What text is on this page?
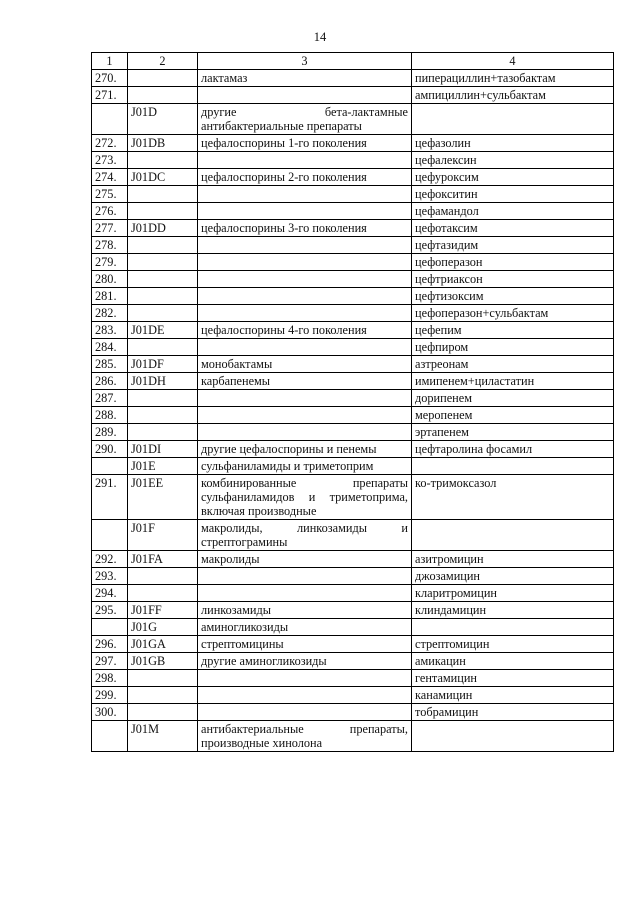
14
1	2	3	4
270.		лактамаз	пиперациллин+тазобактам
271.			ампициллин+сульбактам
	J01D	другие бета-лактамные антибактериальные препараты	
272.	J01DB	цефалоспорины 1-го поколения	цефазолин
273.			цефалексин
274.	J01DC	цефалоспорины 2-го поколения	цефуроксим
275.			цефокситин
276.			цефамандол
277.	J01DD	цефалоспорины 3-го поколения	цефотаксим
278.			цефтазидим
279.			цефоперазон
280.			цефтриаксон
281.			цефтизоксим
282.			цефоперазон+сульбактам
283.	J01DE	цефалоспорины 4-го поколения	цефепим
284.			цефпиром
285.	J01DF	монобактамы	азтреонам
286.	J01DH	карбапенемы	имипенем+циластатин
287.			дорипенем
288.			меропенем
289.			эртапенем
290.	J01DI	другие цефалоспорины и пенемы	цефтаролина фосамил
	J01E	сульфаниламиды и триметоприм	
291.	J01EE	комбинированные препараты сульфаниламидов и триметоприма, включая производные	ко-тримоксазол
	J01F	макролиды, линкозамиды и стрептограмины	
292.	J01FA	макролиды	азитромицин
293.			джозамицин
294.			кларитромицин
295.	J01FF	линкозамиды	клиндамицин
	J01G	аминогликозиды	
296.	J01GA	стрептомицины	стрептомицин
297.	J01GB	другие аминогликозиды	амикацин
298.			гентамицин
299.			канамицин
300.			тобрамицин
	J01M	антибактериальные препараты, производные хинолона	
